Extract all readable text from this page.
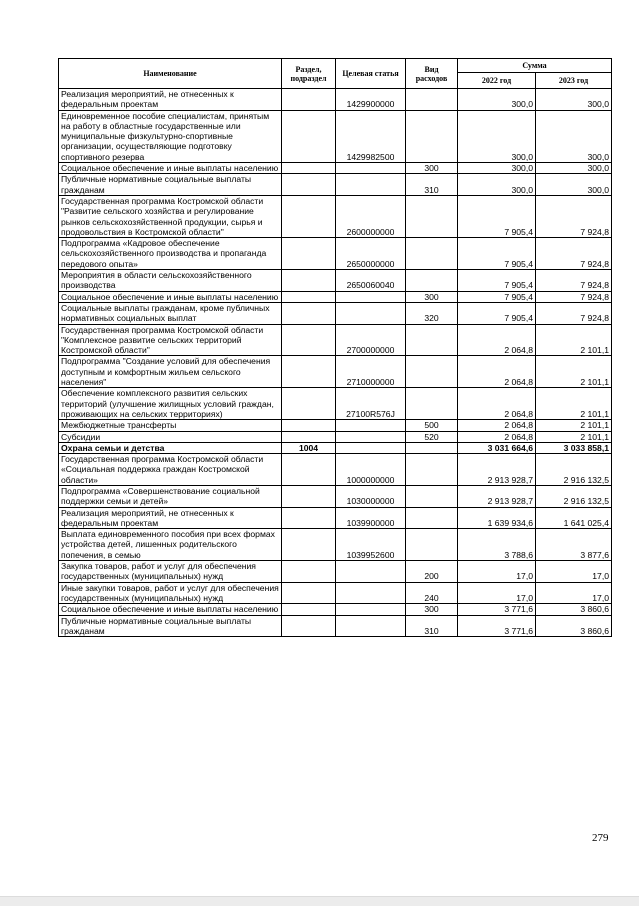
Наименование	Раздел, подраздел	Целевая статья	Вид расходов	Сумма	
				2022 год	2023 год
Реализация мероприятий, не отнесенных к федеральным проектам		1429900000		300,0	300,0
Единовременное пособие специалистам, принятым на работу в областные государственные или муниципальные физкультурно-спортивные организации, осуществляющие подготовку спортивного резерва		1429982500		300,0	300,0
Социальное обеспечение и иные выплаты населению			300	300,0	300,0
Публичные нормативные социальные выплаты гражданам			310	300,0	300,0
Государственная программа Костромской области "Развитие сельского хозяйства и регулирование рынков сельскохозяйственной продукции, сырья и продовольствия в Костромской области"		2600000000		7 905,4	7 924,8
Подпрограмма «Кадровое обеспечение сельскохозяйственного производства и пропаганда передового опыта»		2650000000		7 905,4	7 924,8
Мероприятия в области сельскохозяйственного производства		2650060040		7 905,4	7 924,8
Социальное обеспечение и иные выплаты населению			300	7 905,4	7 924,8
Социальные выплаты гражданам, кроме публичных нормативных социальных выплат			320	7 905,4	7 924,8
Государственная программа Костромской области "Комплексное развитие сельских территорий Костромской области"		2700000000		2 064,8	2 101,1
Подпрограмма "Создание условий для обеспечения доступным и комфортным жильем сельского населения"		2710000000		2 064,8	2 101,1
Обеспечение комплексного развития сельских территорий (улучшение жилищных условий граждан, проживающих на сельских территориях)		27100R576J		2 064,8	2 101,1
Межбюджетные трансферты			500	2 064,8	2 101,1
Субсидии			520	2 064,8	2 101,1
Охрана семьи и детства	1004			3 031 664,6	3 033 858,1
Государственная программа Костромской области «Социальная поддержка граждан Костромской области»		1000000000		2 913 928,7	2 916 132,5
Подпрограмма «Совершенствование социальной поддержки семьи и детей»		1030000000		2 913 928,7	2 916 132,5
Реализация мероприятий, не отнесенных к федеральным проектам		1039900000		1 639 934,6	1 641 025,4
Выплата единовременного пособия при всех формах устройства детей, лишенных родительского попечения, в семью		1039952600		3 788,6	3 877,6
Закупка товаров, работ и услуг для обеспечения государственных (муниципальных) нужд			200	17,0	17,0
Иные закупки товаров, работ и услуг для обеспечения государственных (муниципальных) нужд			240	17,0	17,0
Социальное обеспечение и иные выплаты населению			300	3 771,6	3 860,6
Публичные нормативные социальные выплаты гражданам			310	3 771,6	3 860,6
279
